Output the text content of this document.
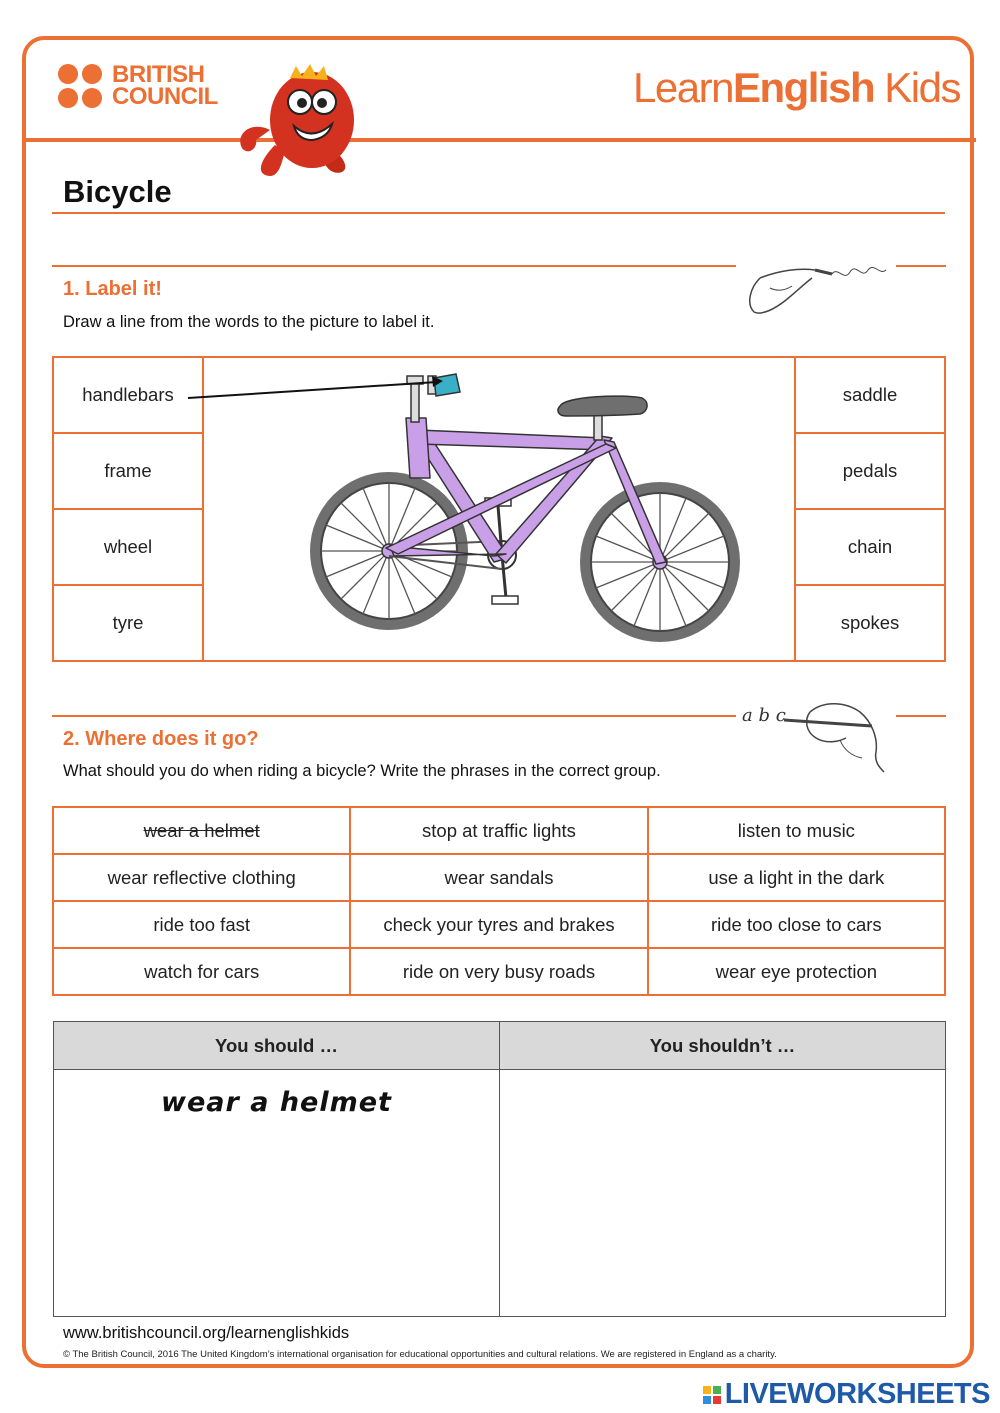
BRITISH
COUNCIL	LearnEnglish Kids
Bicycle
1. Label it!
Draw a line from the words to the picture to label it.
handlebars
frame
wheel
tyre
saddle
pedals
chain
spokes
a b c
2. Where does it go?
What should you do when riding a bicycle? Write the phrases in the correct group.
wear a helmet	stop at traffic lights	listen to music
wear reflective clothing	wear sandals	use a light in the dark
ride too fast	check your tyres and brakes	ride too close to cars
watch for cars	ride on very busy roads	wear eye protection
You should …	You shouldn’t …

wear a helmet	

www.britishcouncil.org/learnenglishkids
© The British Council, 2016 The United Kingdom’s international organisation for educational opportunities and cultural relations. We are registered in England as a charity.
LIVEWORKSHEETS
